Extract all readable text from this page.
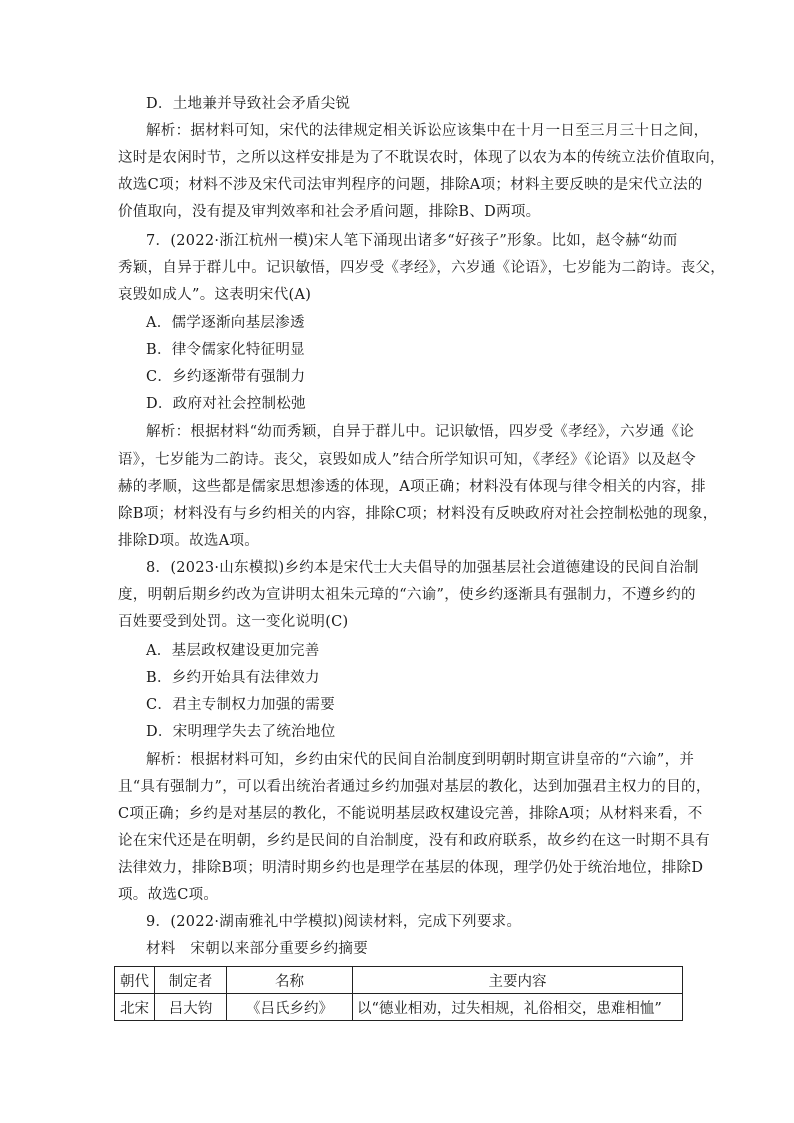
D．土地兼并导致社会矛盾尖锐
解析：据材料可知，宋代的法律规定相关诉讼应该集中在十月一日至三月三十日之间，
这时是农闲时节，之所以这样安排是为了不耽误农时，体现了以农为本的传统立法价值取向，
故选C项；材料不涉及宋代司法审判程序的问题，排除A项；材料主要反映的是宋代立法的
价值取向，没有提及审判效率和社会矛盾问题，排除B、D两项。
7．(2022·浙江杭州一模)宋人笔下涌现出诸多“好孩子”形象。比如，赵令赫“幼而
秀颖，自异于群儿中。记识敏悟，四岁受《孝经》，六岁通《论语》，七岁能为二韵诗。丧父，
哀毁如成人”。这表明宋代(A)
A．儒学逐渐向基层渗透
B．律令儒家化特征明显
C．乡约逐渐带有强制力
D．政府对社会控制松弛
解析：根据材料“幼而秀颖，自异于群儿中。记识敏悟，四岁受《孝经》，六岁通《论
语》，七岁能为二韵诗。丧父，哀毁如成人”结合所学知识可知，《孝经》《论语》以及赵令
赫的孝顺，这些都是儒家思想渗透的体现，A项正确；材料没有体现与律令相关的内容，排
除B项；材料没有与乡约相关的内容，排除C项；材料没有反映政府对社会控制松弛的现象，
排除D项。故选A项。
8．(2023·山东模拟)乡约本是宋代士大夫倡导的加强基层社会道德建设的民间自治制
度，明朝后期乡约改为宣讲明太祖朱元璋的“六谕”，使乡约逐渐具有强制力，不遵乡约的
百姓要受到处罚。这一变化说明(C)
A．基层政权建设更加完善
B．乡约开始具有法律效力
C．君主专制权力加强的需要
D．宋明理学失去了统治地位
解析：根据材料可知，乡约由宋代的民间自治制度到明朝时期宣讲皇帝的“六谕”，并
且“具有强制力”，可以看出统治者通过乡约加强对基层的教化，达到加强君主权力的目的，
C项正确；乡约是对基层的教化，不能说明基层政权建设完善，排除A项；从材料来看，不
论在宋代还是在明朝，乡约是民间的自治制度，没有和政府联系，故乡约在这一时期不具有
法律效力，排除B项；明清时期乡约也是理学在基层的体现，理学仍处于统治地位，排除D
项。故选C项。
9．(2022·湖南雅礼中学模拟)阅读材料，完成下列要求。
材料　宋朝以来部分重要乡约摘要
朝代	制定者	名称	主要内容
北宋	吕大钧	《吕氏乡约》	以“德业相劝，过失相规，礼俗相交，患难相恤”
